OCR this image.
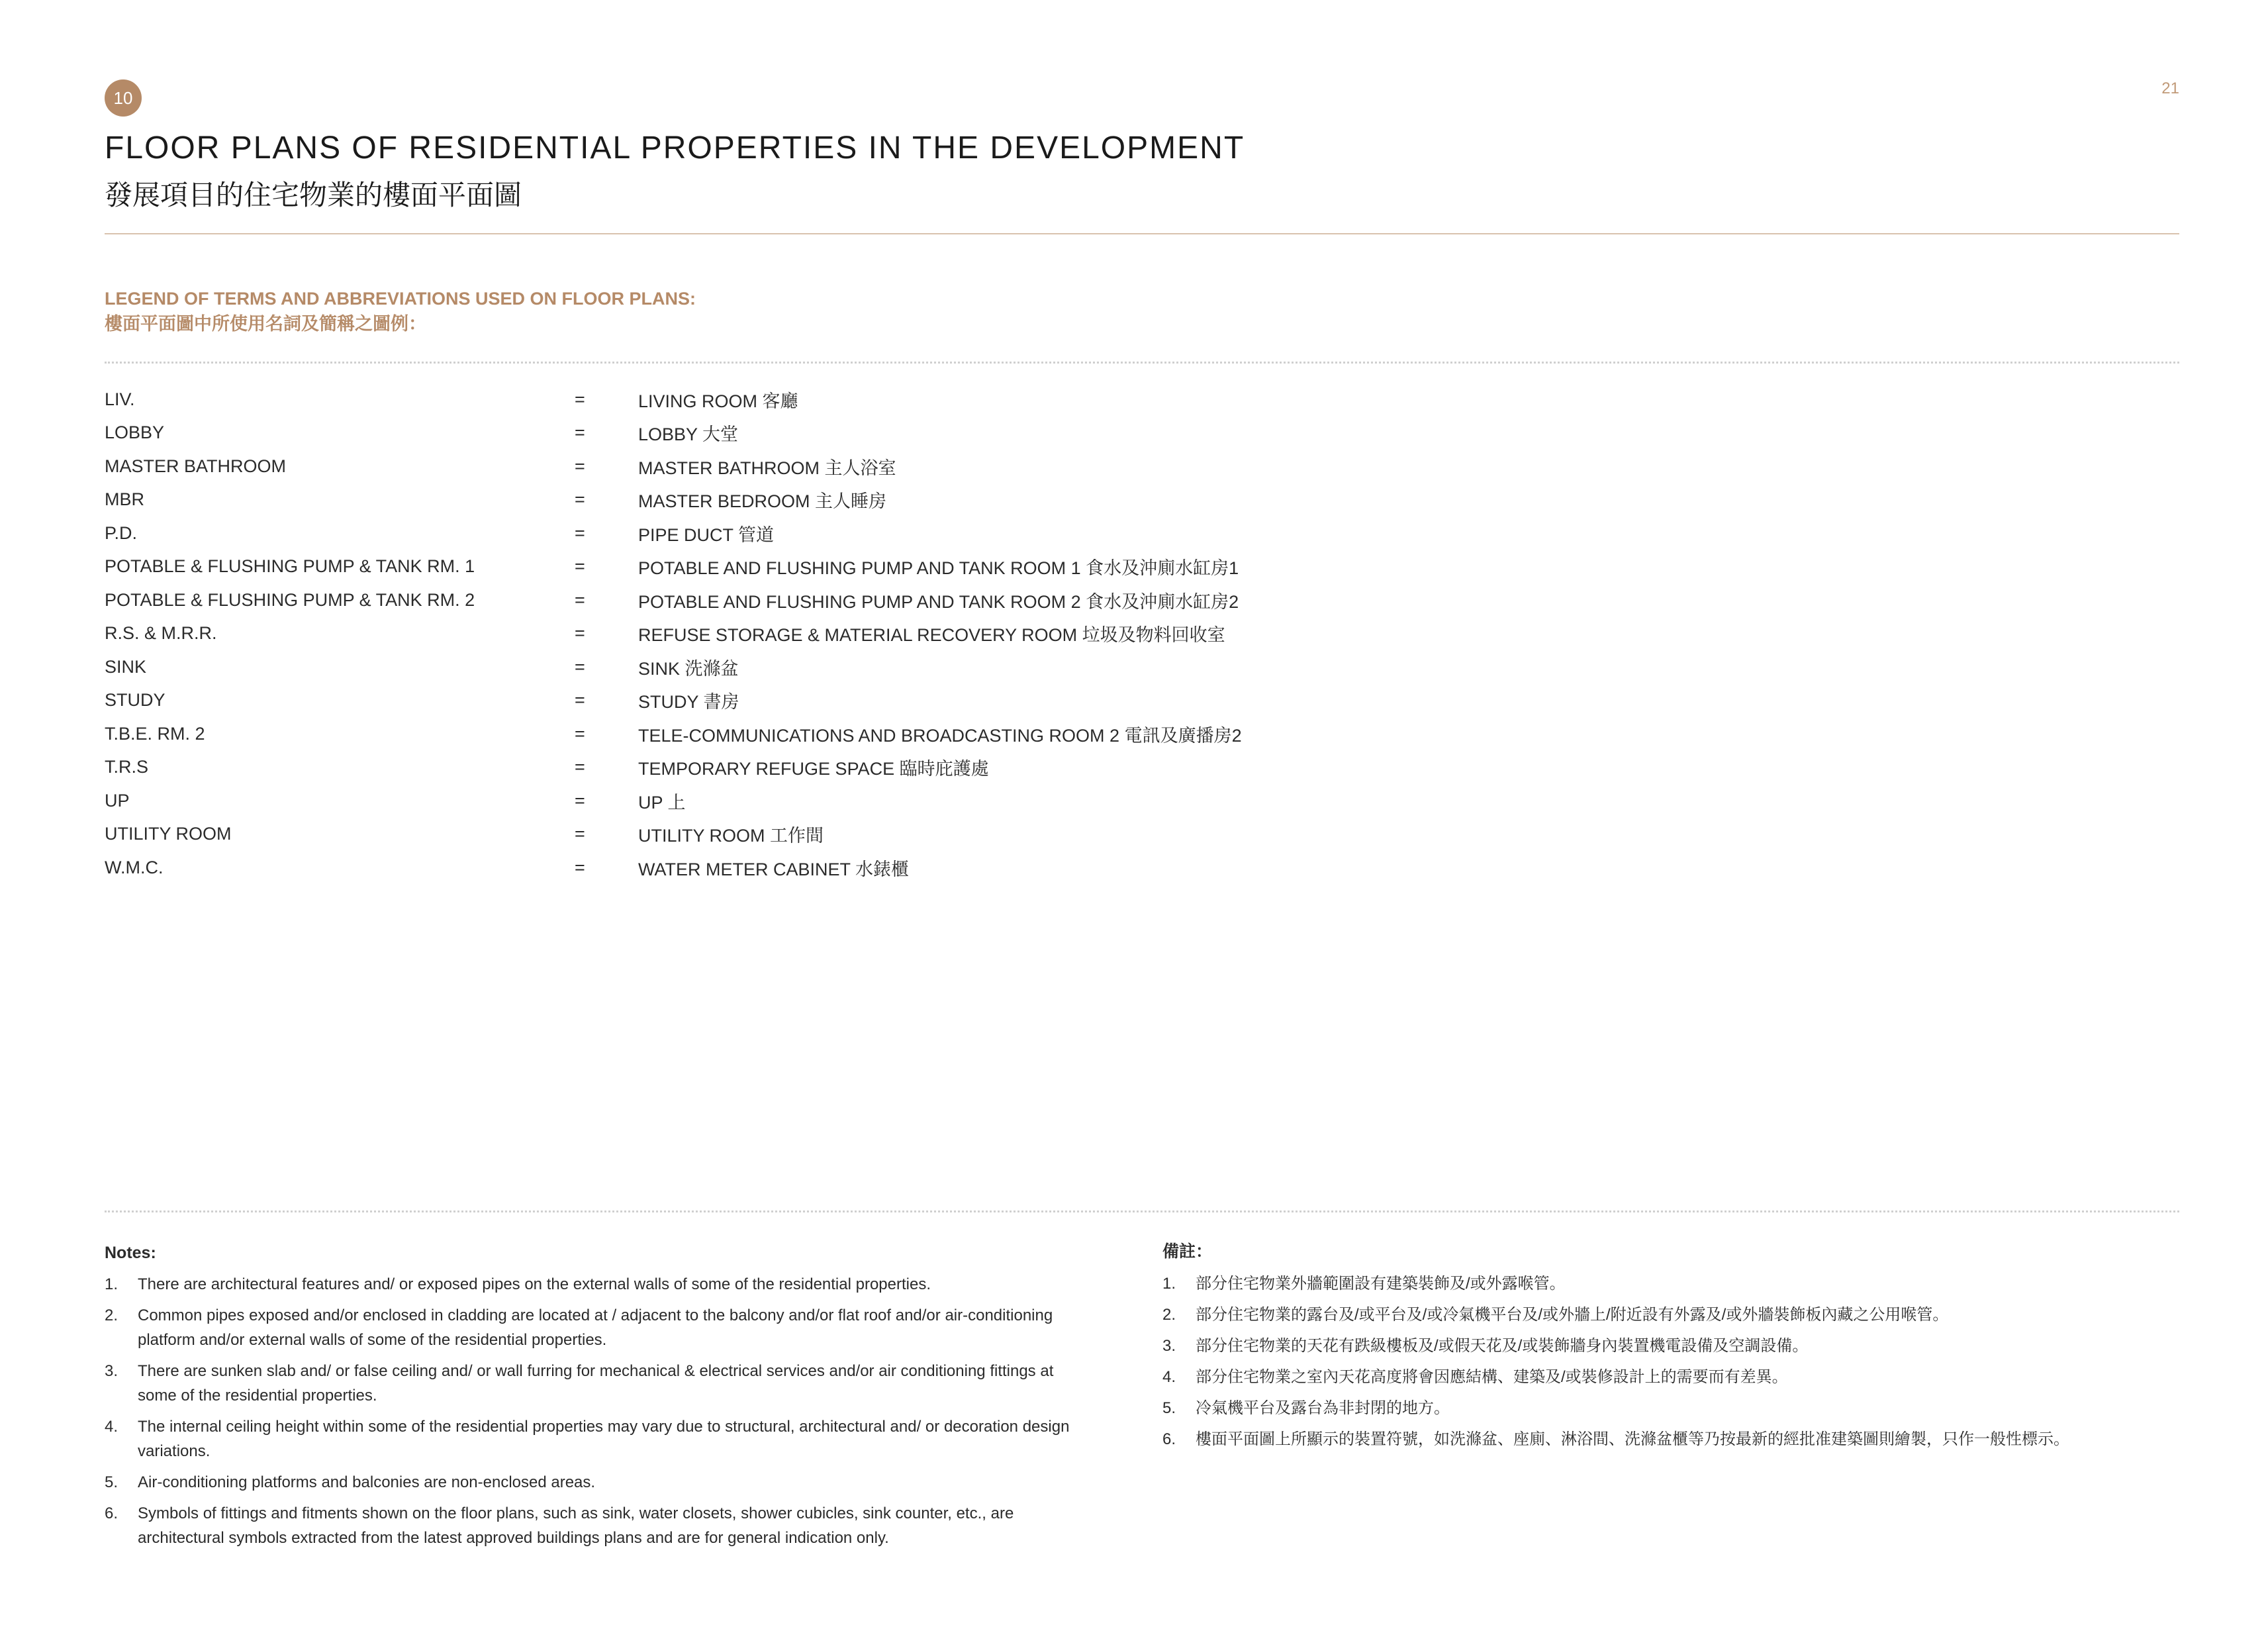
10	21
FLOOR PLANS OF RESIDENTIAL PROPERTIES IN THE DEVELOPMENT
發展項目的住宅物業的樓面平面圖
LEGEND OF TERMS AND ABBREVIATIONS USED ON FLOOR PLANS:
樓面平面圖中所使用名詞及簡稱之圖例：
LIV.	=	LIVING ROOM 客廳
LOBBY	=	LOBBY 大堂
MASTER BATHROOM	=	MASTER BATHROOM 主人浴室
MBR	=	MASTER BEDROOM 主人睡房
P.D.	=	PIPE DUCT 管道
POTABLE & FLUSHING PUMP & TANK RM. 1	=	POTABLE AND FLUSHING PUMP AND TANK ROOM 1 食水及沖廁水缸房1
POTABLE & FLUSHING PUMP & TANK RM. 2	=	POTABLE AND FLUSHING PUMP AND TANK ROOM 2 食水及沖廁水缸房2
R.S. & M.R.R.	=	REFUSE STORAGE & MATERIAL RECOVERY ROOM 垃圾及物料回收室
SINK	=	SINK 洗滌盆
STUDY	=	STUDY 書房
T.B.E. RM. 2	=	TELE-COMMUNICATIONS AND BROADCASTING ROOM 2 電訊及廣播房2
T.R.S	=	TEMPORARY REFUGE SPACE 臨時庇護處
UP	=	UP 上
UTILITY ROOM	=	UTILITY ROOM 工作間
W.M.C.	=	WATER METER CABINET 水錶櫃
Notes:
1.	There are architectural features and/ or exposed pipes on the external walls of some of the residential properties.
2.	Common pipes exposed and/or enclosed in cladding are located at / adjacent to the balcony and/or flat roof and/or air-conditioning platform and/or external walls of some of the residential properties.
3.	There are sunken slab and/ or false ceiling and/ or wall furring for mechanical & electrical services and/or air conditioning fittings at some of the residential properties.
4.	The internal ceiling height within some of the residential properties may vary due to structural, architectural and/ or decoration design variations.
5.	Air-conditioning platforms and balconies are non-enclosed areas.
6.	Symbols of fittings and fitments shown on the floor plans, such as sink, water closets, shower cubicles, sink counter, etc., are architectural symbols extracted from the latest approved buildings plans and are for general indication only.
備註：
1.	部分住宅物業外牆範圍設有建築裝飾及/或外露喉管。
2.	部分住宅物業的露台及/或平台及/或冷氣機平台及/或外牆上/附近設有外露及/或外牆裝飾板內藏之公用喉管。
3.	部分住宅物業的天花有跌級樓板及/或假天花及/或裝飾牆身內裝置機電設備及空調設備。
4.	部分住宅物業之室內天花高度將會因應結構、建築及/或裝修設計上的需要而有差異。
5.	冷氣機平台及露台為非封閉的地方。
6.	樓面平面圖上所顯示的裝置符號，如洗滌盆、座廁、淋浴間、洗滌盆櫃等乃按最新的經批准建築圖則繪製，只作一般性標示。
